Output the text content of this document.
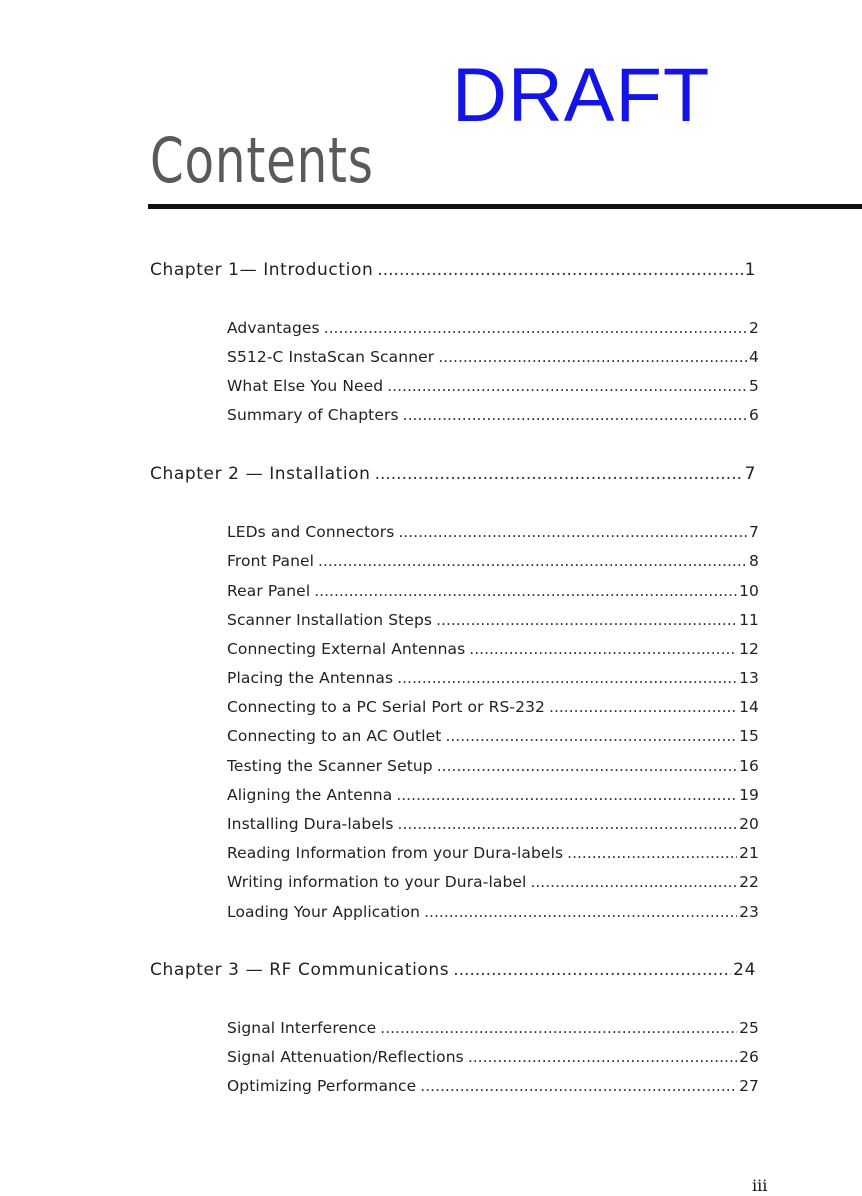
DRAFT
Contents
Chapter 1— Introduction .....	1
Advantages .....	2
S512-C InstaScan Scanner .....	4
What Else You Need .....	5
Summary of Chapters .....	6
Chapter 2 — Installation .....	7
LEDs and Connectors .....	7
Front Panel .....	8
Rear Panel .....	10
Scanner Installation Steps .....	11
Connecting External Antennas .....	12
Placing the Antennas .....	13
Connecting to a PC Serial Port or RS-232 .....	14
Connecting to an AC Outlet .....	15
Testing the Scanner Setup .....	16
Aligning the Antenna .....	19
Installing Dura-labels .....	20
Reading Information from your Dura-labels .....	21
Writing information to your Dura-label .....	22
Loading Your Application .....	23
Chapter 3 — RF Communications .....	24
Signal Interference .....	25
Signal Attenuation/Reflections .....	26
Optimizing Performance .....	27
iii
